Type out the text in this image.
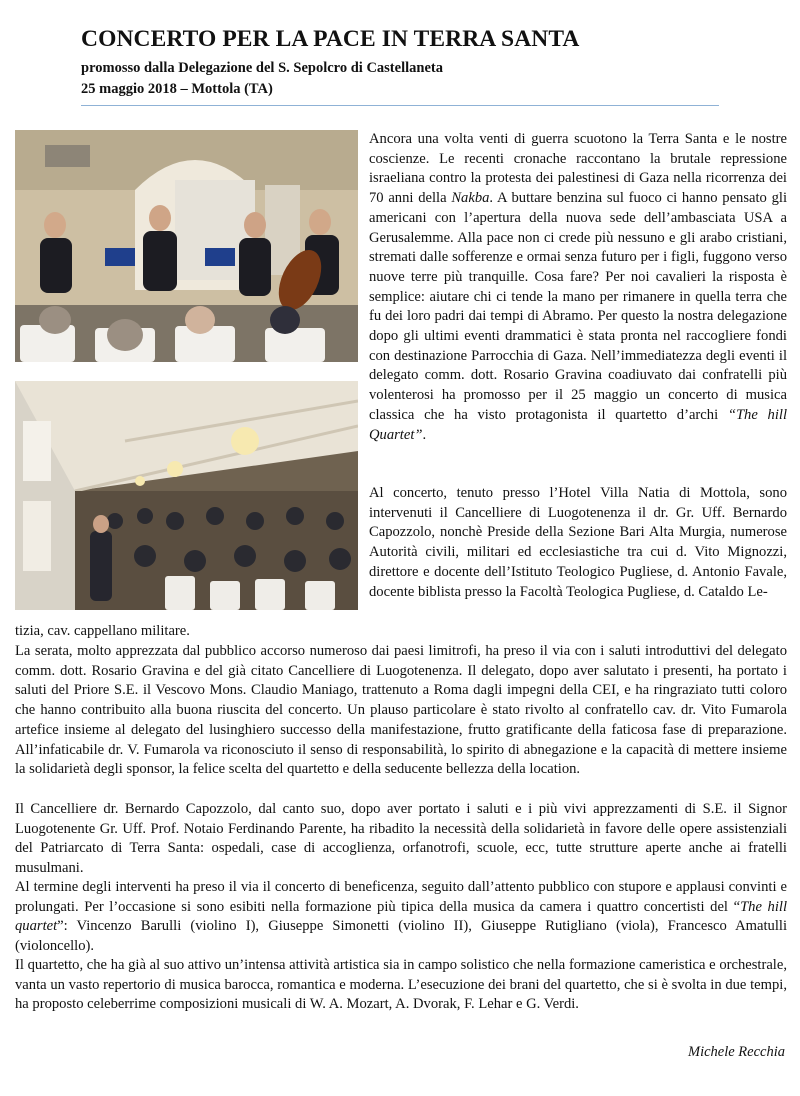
CONCERTO PER LA PACE IN TERRA SANTA
promosso dalla Delegazione del S. Sepolcro di Castellaneta
25 maggio 2018 – Mottola (TA)

Ancora una volta venti di guerra scuotono la Terra Santa e le nostre coscienze. Le recenti cronache raccontano la brutale repressione israeliana contro la protesta dei palestinesi di Gaza nella ricorrenza dei 70 anni della Nakba. A buttare benzina sul fuoco ci hanno pensato gli americani con l’apertura della nuova sede dell’ambasciata USA a Gerusalemme. Alla pace non ci crede più nessuno e gli arabo cristiani, stremati dalle sofferenze e ormai senza futuro per i figli, fuggono verso nuove terre più tranquille. Cosa fare? Per noi cavalieri la risposta è semplice: aiutare chi ci tende la mano per rimanere in quella terra che fu dei loro padri dai tempi di Abramo. Per questo la nostra delegazione dopo gli ultimi eventi drammatici è stata pronta nel raccogliere fondi con destinazione Parrocchia di Gaza. Nell’immediatezza degli eventi il delegato comm. dott. Rosario Gravina coadiuvato dai confratelli più volenterosi ha promosso per il 25 maggio un concerto di musica classica che ha visto protagonista il quartetto d’archi “The hill Quartet”.

Al concerto, tenuto presso l’Hotel Villa Natia di Mottola, sono intervenuti il Cancelliere di Luogotenenza il dr. Gr. Uff. Bernardo Capozzolo, nonchè Preside della Sezione Bari Alta Murgia, numerose Autorità civili, militari ed ecclesiastiche tra cui d. Vito Mignozzi, direttore e docente dell’Istituto Teologico Pugliese, d. Antonio Favale, docente biblista presso la Facoltà Teologica Pugliese, d. Cataldo Le-

tizia, cav. cappellano militare.

La serata, molto apprezzata dal pubblico accorso numeroso dai paesi limitrofi, ha preso il via con i saluti introduttivi del delegato comm. dott. Rosario Gravina e del già citato Cancelliere di Luogotenenza. Il delegato, dopo aver salutato i presenti, ha portato i saluti del Priore S.E. il Vescovo Mons. Claudio Maniago, trattenuto a Roma dagli impegni della CEI, e ha ringraziato tutti coloro che hanno contribuito alla buona riuscita del concerto. Un plauso particolare è stato rivolto al confratello cav. dr. Vito Fumarola artefice insieme al delegato del lusinghiero successo della manifestazione, frutto gratificante della faticosa fase di preparazione. All’infaticabile dr. V. Fumarola va riconosciuto il senso di responsabilità, lo spirito di abnegazione e la capacità di mettere insieme la solidarietà degli sponsor, la felice scelta del quartetto e della seducente bellezza della location.

Il Cancelliere dr. Bernardo Capozzolo, dal canto suo, dopo aver portato i saluti e i più vivi apprezzamenti di S.E. il Signor Luogotenente Gr. Uff. Prof. Notaio Ferdinando Parente, ha ribadito la necessità della solidarietà in favore delle opere assistenziali del Patriarcato di Terra Santa: ospedali, case di accoglienza, orfanotrofi, scuole, ecc, tutte strutture aperte anche ai fratelli musulmani.

Al termine degli interventi ha preso il via il concerto di beneficenza, seguito dall’attento pubblico con stupore e applausi convinti e prolungati. Per l’occasione si sono esibiti nella formazione più tipica della musica da camera i quattro concertisti del “The hill quartet”: Vincenzo Barulli (violino I), Giuseppe Simonetti (violino II), Giuseppe Rutigliano (viola), Francesco Amatulli (violoncello).

Il quartetto, che ha già al suo attivo un’intensa attività artistica sia in campo solistico che nella formazione cameristica e orchestrale, vanta un vasto repertorio di musica barocca, romantica e moderna. L’esecuzione dei brani del quartetto, che si è svolta in due tempi, ha proposto celeberrime composizioni musicali di W. A. Mozart, A. Dvorak, F. Lehar e G. Verdi.

Michele Recchia
